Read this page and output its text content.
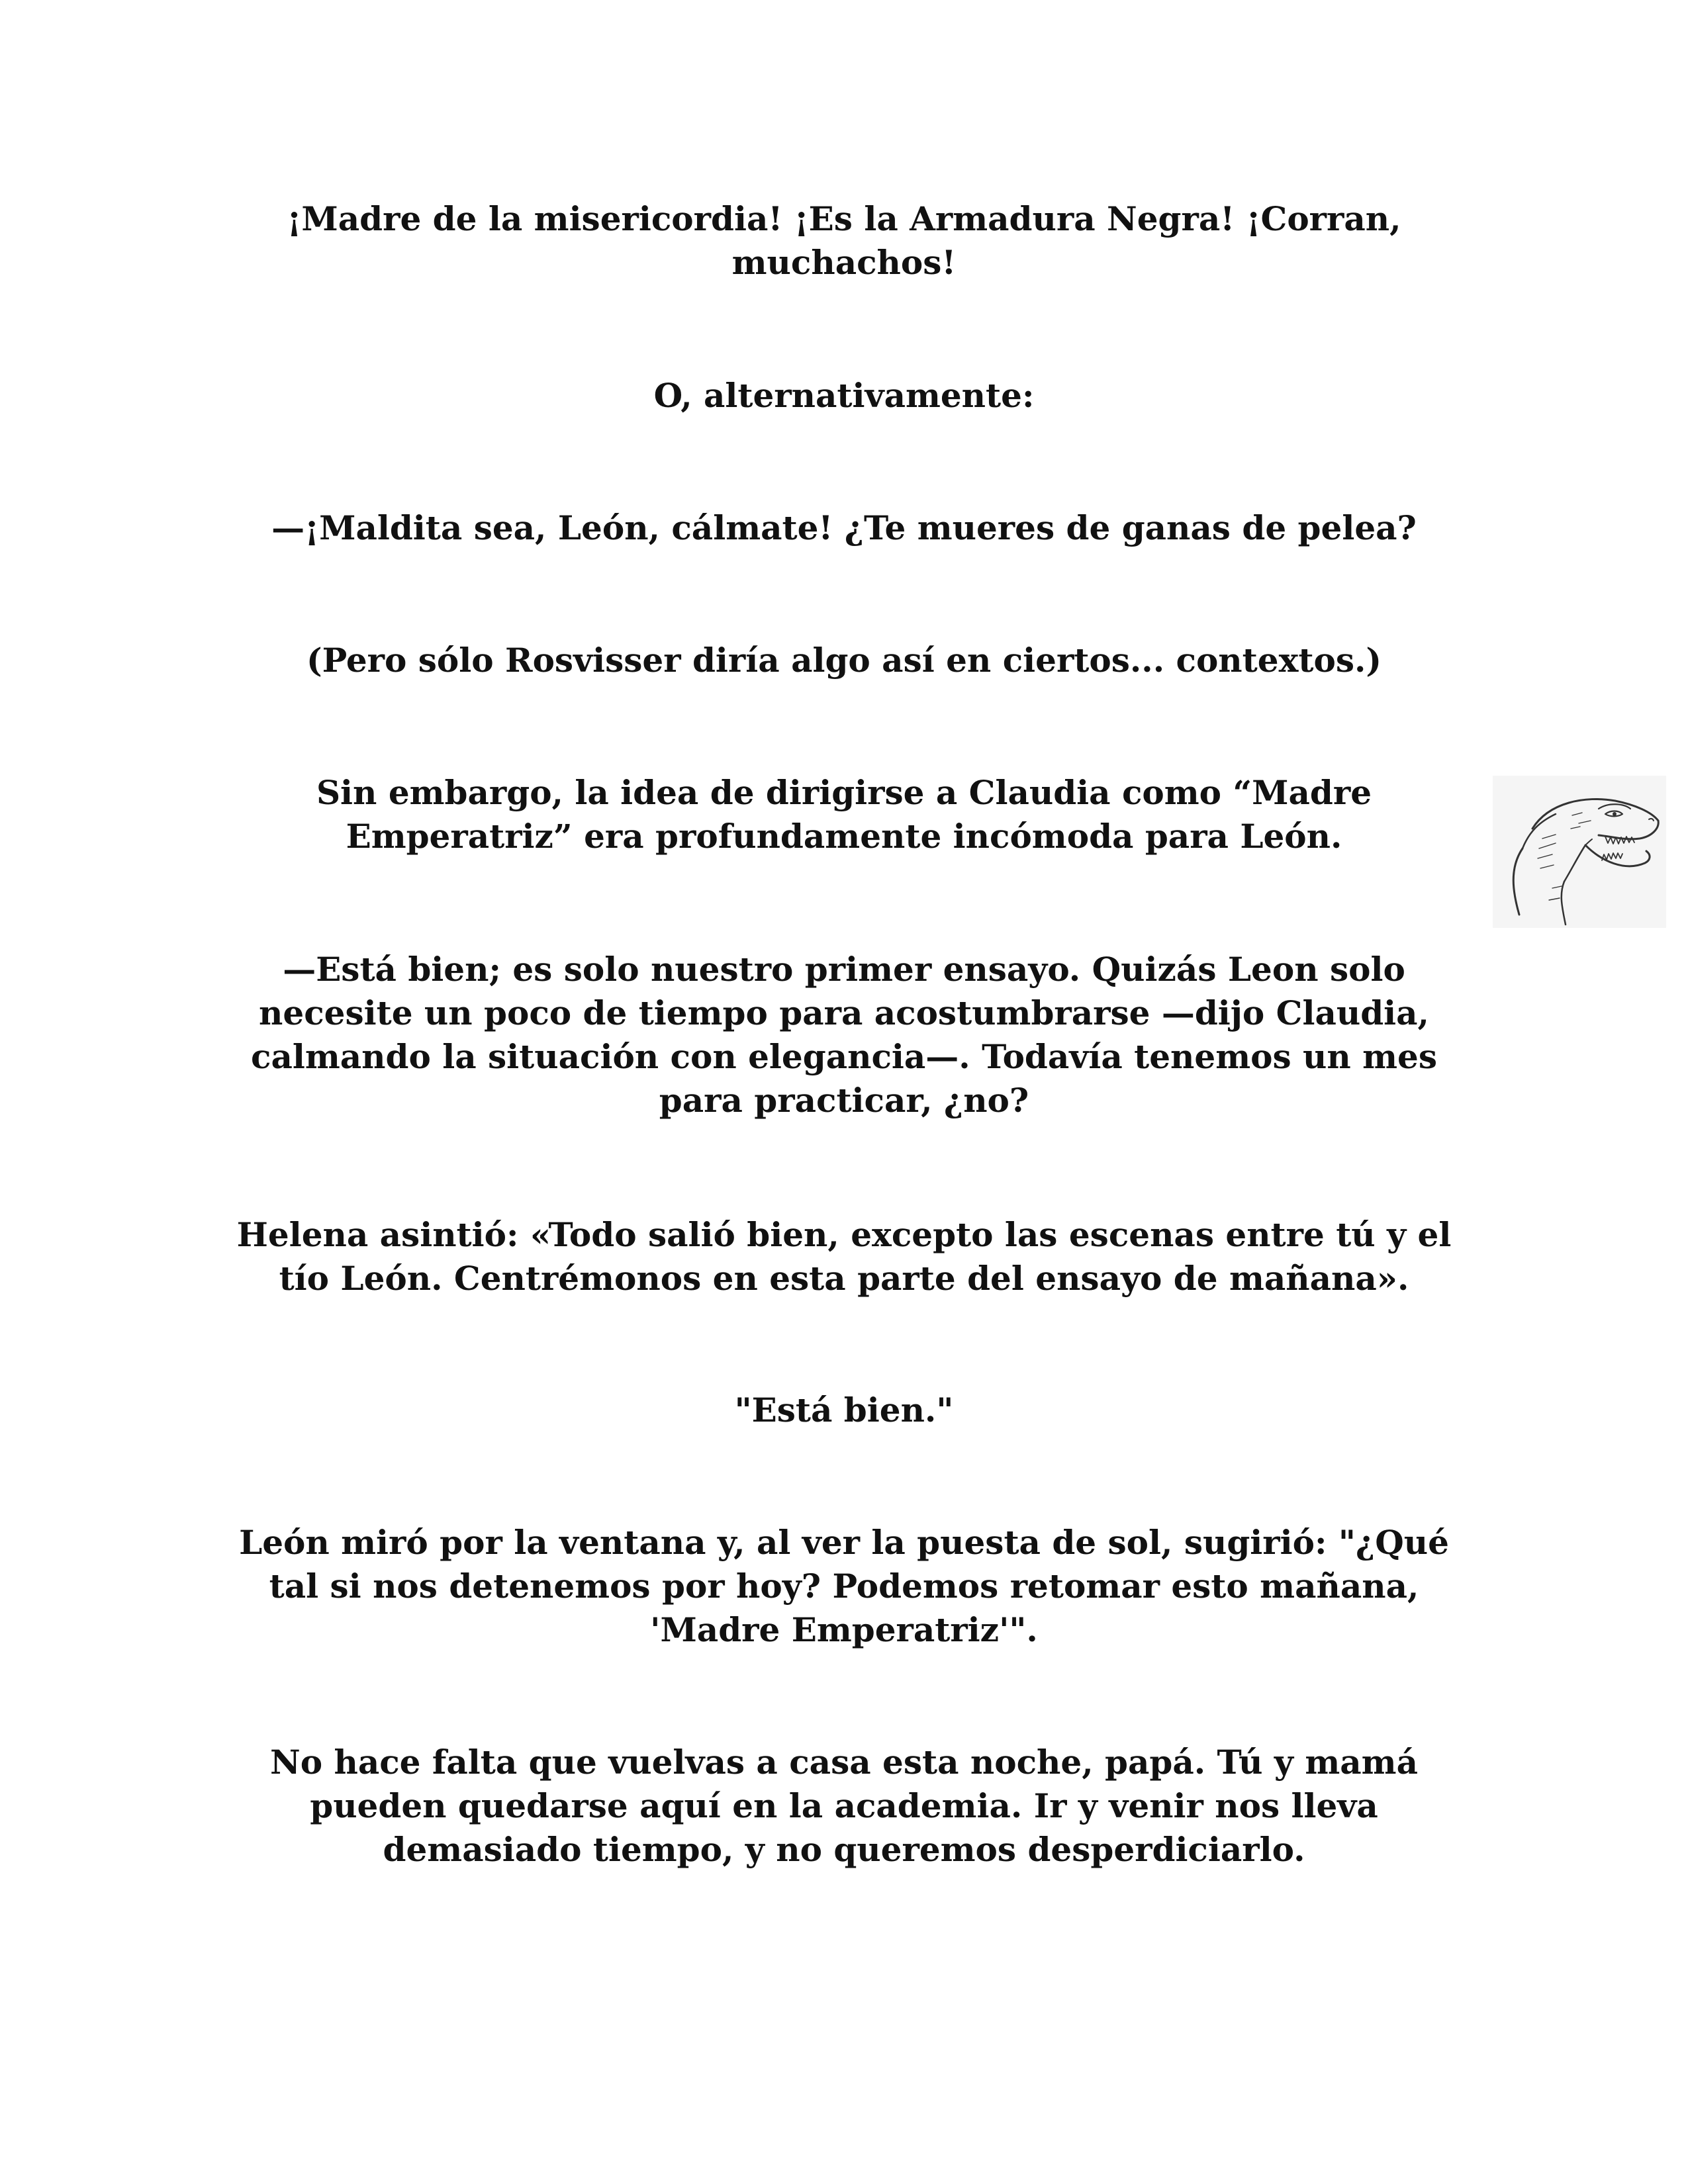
¡Madre de la misericordia! ¡Es la Armadura Negra! ¡Corran, muchachos!

O, alternativamente:

—¡Maldita sea, León, cálmate! ¿Te mueres de ganas de pelea?

(Pero sólo Rosvisser diría algo así en ciertos... contextos.)

Sin embargo, la idea de dirigirse a Claudia como “Madre Emperatriz” era profundamente incómoda para León.

—Está bien; es solo nuestro primer ensayo. Quizás Leon solo necesite un poco de tiempo para acostumbrarse —dijo Claudia, calmando la situación con elegancia—. Todavía tenemos un mes para practicar, ¿no?

Helena asintió: «Todo salió bien, excepto las escenas entre tú y el tío León. Centrémonos en esta parte del ensayo de mañana».

"Está bien."

León miró por la ventana y, al ver la puesta de sol, sugirió: "¿Qué tal si nos detenemos por hoy? Podemos retomar esto mañana, 'Madre Emperatriz'".

No hace falta que vuelvas a casa esta noche, papá. Tú y mamá pueden quedarse aquí en la academia. Ir y venir nos lleva demasiado tiempo, y no queremos desperdiciarlo.
